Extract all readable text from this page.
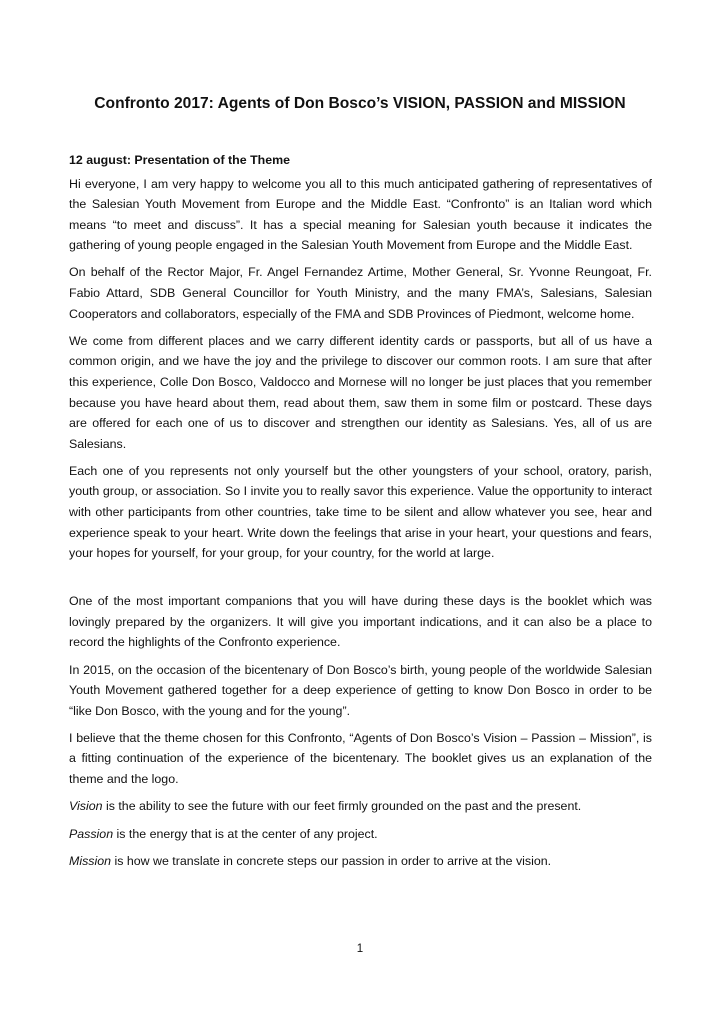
Confronto 2017: Agents of Don Bosco’s VISION, PASSION and MISSION

12 august: Presentation of the Theme

Hi everyone, I am very happy to welcome you all to this much anticipated gathering of representatives of the Salesian Youth Movement from Europe and the Middle East. “Confronto” is an Italian word which means “to meet and discuss”. It has a special meaning for Salesian youth because it indicates the gathering of young people engaged in the Salesian Youth Movement from Europe and the Middle East.

On behalf of the Rector Major, Fr. Angel Fernandez Artime, Mother General, Sr. Yvonne Reungoat, Fr. Fabio Attard, SDB General Councillor for Youth Ministry, and the many FMA’s, Salesians, Salesian Cooperators and collaborators, especially of the FMA and SDB Provinces of Piedmont, welcome home.

We come from different places and we carry different identity cards or passports, but all of us have a common origin, and we have the joy and the privilege to discover our common roots. I am sure that after this experience, Colle Don Bosco, Valdocco and Mornese will no longer be just places that you remember because you have heard about them, read about them, saw them in some film or postcard. These days are offered for each one of us to discover and strengthen our identity as Salesians. Yes, all of us are Salesians.

Each one of you represents not only yourself but the other youngsters of your school, oratory, parish, youth group, or association. So I invite you to really savor this experience. Value the opportunity to interact with other participants from other countries, take time to be silent and allow whatever you see, hear and experience speak to your heart. Write down the feelings that arise in your heart, your questions and fears, your hopes for yourself, for your group, for your country, for the world at large.

One of the most important companions that you will have during these days is the booklet which was lovingly prepared by the organizers. It will give you important indications, and it can also be a place to record the highlights of the Confronto experience.

In 2015, on the occasion of the bicentenary of Don Bosco’s birth, young people of the worldwide Salesian Youth Movement gathered together for a deep experience of getting to know Don Bosco in order to be “like Don Bosco, with the young and for the young”.

I believe that the theme chosen for this Confronto, “Agents of Don Bosco’s Vision – Passion – Mission”, is a fitting continuation of the experience of the bicentenary. The booklet gives us an explanation of the theme and the logo.

Vision is the ability to see the future with our feet firmly grounded on the past and the present.

Passion is the energy that is at the center of any project.

Mission is how we translate in concrete steps our passion in order to arrive at the vision.

1
